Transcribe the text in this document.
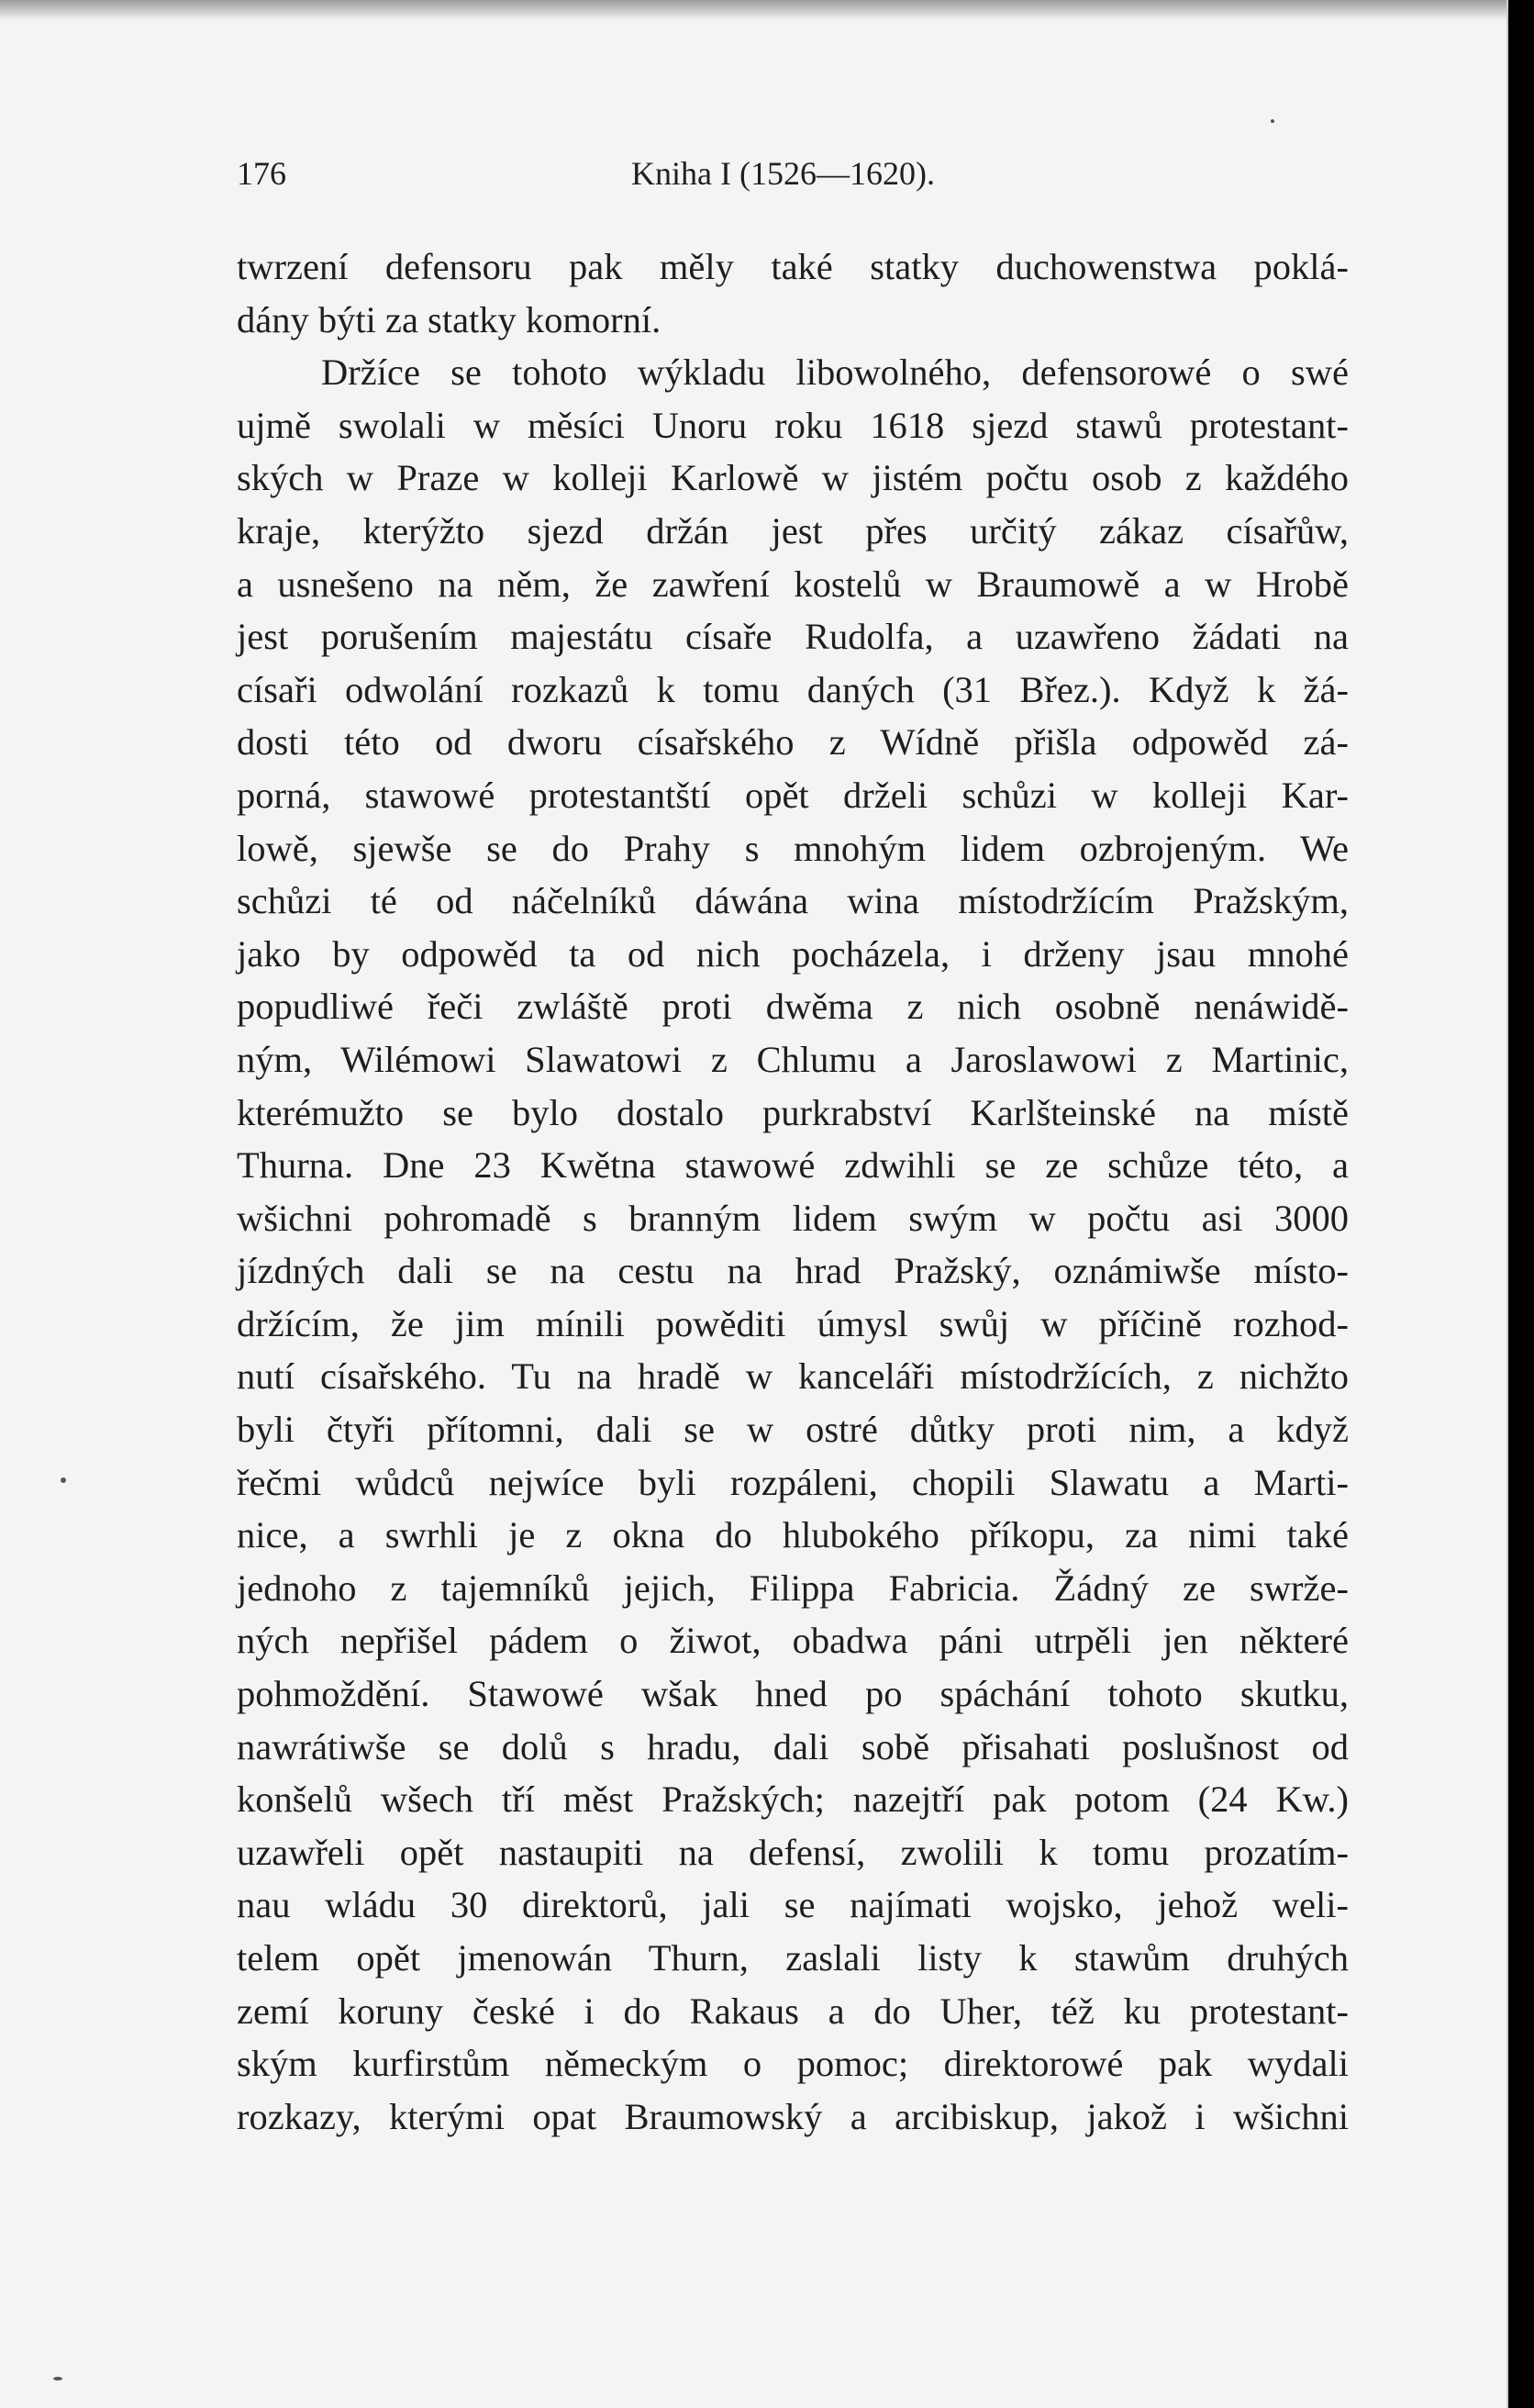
176	Kniha I (1526—1620).
twrzení defensoru pak měly také statky duchowenstwa poklá-
dány býti za statky komorní.
Držíce se tohoto wýkladu libowolného, defensorowé o swé
ujmě swolali w měsíci Unoru roku 1618 sjezd stawů protestant-
ských w Praze w kolleji Karlowě w jistém počtu osob z každého
kraje, kterýžto sjezd držán jest přes určitý zákaz císařůw,
a usnešeno na něm, že zawření kostelů w Braumowě a w Hrobě
jest porušením majestátu císaře Rudolfa, a uzawřeno žádati na
císaři odwolání rozkazů k tomu daných (31 Břez.). Když k žá-
dosti této od dworu císařského z Wídně přišla odpowěd zá-
porná, stawowé protestantští opět drželi schůzi w kolleji Kar-
lowě, sjewše se do Prahy s mnohým lidem ozbrojeným. We
schůzi té od náčelníků dáwána wina místodržícím Pražským,
jako by odpowěd ta od nich pocházela, i drženy jsau mnohé
popudliwé řeči zwláště proti dwěma z nich osobně nenáwidě-
ným, Wilémowi Slawatowi z Chlumu a Jaroslawowi z Martinic,
kterémužto se bylo dostalo purkrabství Karlšteinské na místě
Thurna. Dne 23 Kwětna stawowé zdwihli se ze schůze této, a
wšichni pohromadě s branným lidem swým w počtu asi 3000
jízdných dali se na cestu na hrad Pražský, oznámiwše místo-
držícím, že jim mínili powěditi úmysl swůj w příčině rozhod-
nutí císařského. Tu na hradě w kanceláři místodržících, z nichžto
byli čtyři přítomni, dali se w ostré důtky proti nim, a když
řečmi wůdců nejwíce byli rozpáleni, chopili Slawatu a Marti-
nice, a swrhli je z okna do hlubokého příkopu, za nimi také
jednoho z tajemníků jejich, Filippa Fabricia. Žádný ze swrže-
ných nepřišel pádem o žiwot, obadwa páni utrpěli jen některé
pohmoždění. Stawowé wšak hned po spáchání tohoto skutku,
nawrátiwše se dolů s hradu, dali sobě přisahati poslušnost od
konšelů wšech tří měst Pražských; nazejtří pak potom (24 Kw.)
uzawřeli opět nastaupiti na defensí, zwolili k tomu prozatím-
nau wládu 30 direktorů, jali se najímati wojsko, jehož weli-
telem opět jmenowán Thurn, zaslali listy k stawům druhých
zemí koruny české i do Rakaus a do Uher, též ku protestant-
ským kurfirstům německým o pomoc; direktorowé pak wydali
rozkazy, kterými opat Braumowský a arcibiskup, jakož i wšichni
